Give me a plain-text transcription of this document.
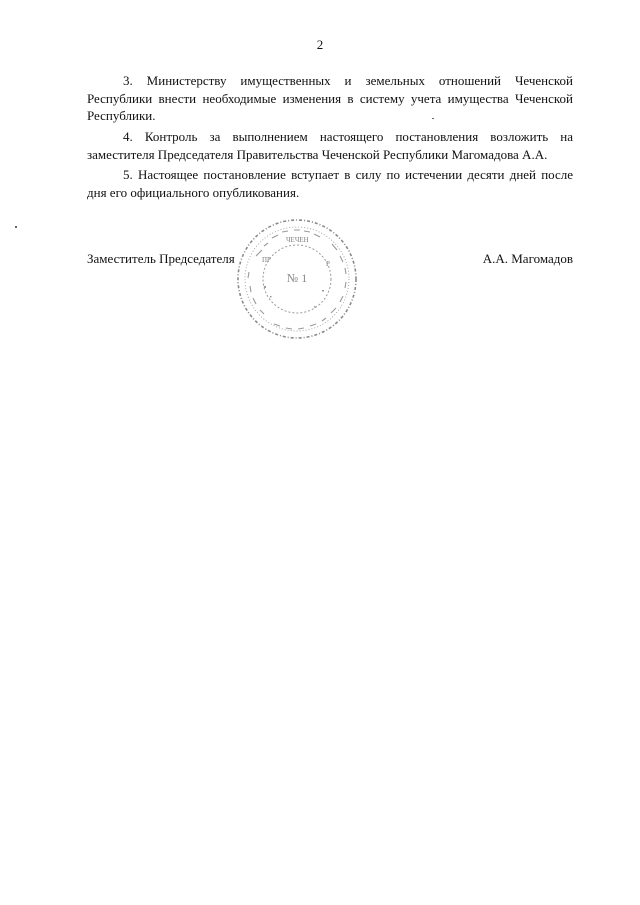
2

3. Министерству имущественных и земельных отношений Чеченской Республики внести необходимые изменения в систему учета имущества Чеченской Республики.

4. Контроль за выполнением настоящего постановления возложить на заместителя Председателя Правительства Чеченской Республики Магомадова А.А.

5. Настоящее постановление вступает в силу по истечении десяти дней после дня его официального опубликования.

Заместитель Председателя
ЧЕЧЕН
ПР	Р
№ 1
А.А. Магомадов
